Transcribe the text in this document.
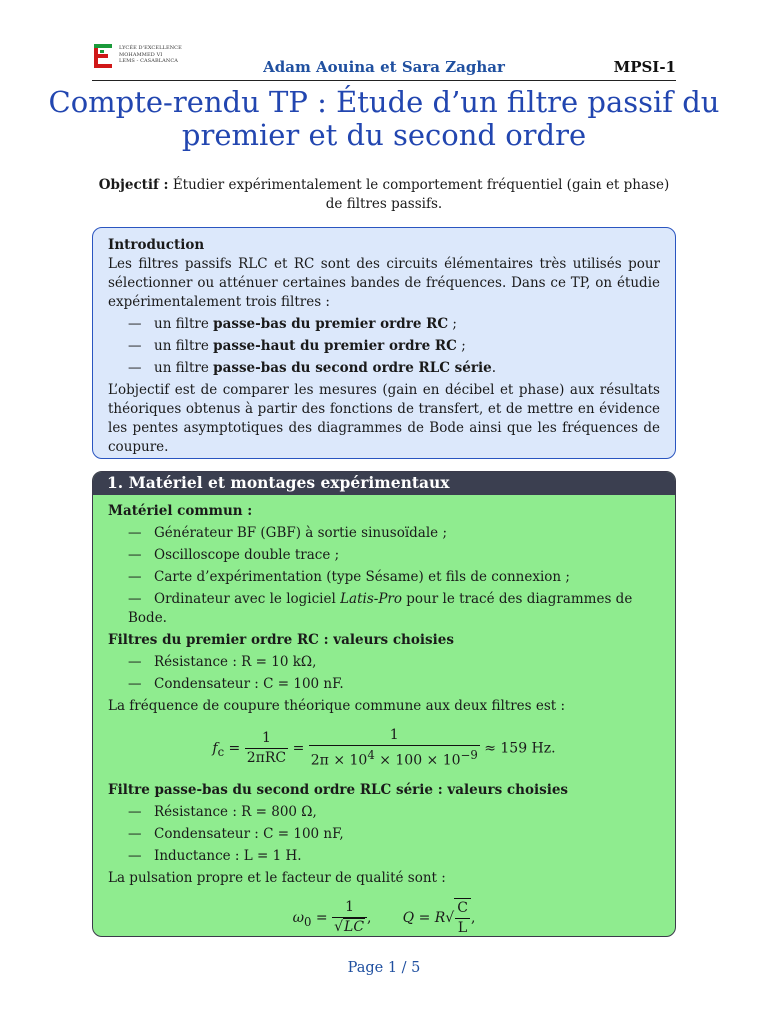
LYCÉE D'EXCELLENCE
MOHAMMED VI
LEMS - CASABLANCA	Adam Aouina et Sara Zaghar	MPSI-1
Compte-rendu TP : Étude d’un filtre passif du premier et du second ordre
Objectif : Étudier expérimentalement le comportement fréquentiel (gain et phase) de filtres passifs.
Introduction
Les filtres passifs RLC et RC sont des circuits élémentaires très utilisés pour sélectionner ou atténuer certaines bandes de fréquences. Dans ce TP, on étudie expérimentalement trois filtres :
— un filtre passe-bas du premier ordre RC ;
— un filtre passe-haut du premier ordre RC ;
— un filtre passe-bas du second ordre RLC série.
L’objectif est de comparer les mesures (gain en décibel et phase) aux résultats théoriques obtenus à partir des fonctions de transfert, et de mettre en évidence les pentes asymptotiques des diagrammes de Bode ainsi que les fréquences de coupure.
1. Matériel et montages expérimentaux
Matériel commun :
— Générateur BF (GBF) à sortie sinusoïdale ;
— Oscilloscope double trace ;
— Carte d’expérimentation (type Sésame) et fils de connexion ;
— Ordinateur avec le logiciel Latis-Pro pour le tracé des diagrammes de Bode.
Filtres du premier ordre RC : valeurs choisies
— Résistance : R = 10 kΩ,
— Condensateur : C = 100 nF.
La fréquence de coupure théorique commune aux deux filtres est :
$f_c = \frac{1}{\text{2πRC}} = \frac{1}{2\pi \times 10^4 \times 100 \times 10^{-9}} \approx 159$ Hz.
Filtre passe-bas du second ordre RLC série : valeurs choisies
— Résistance : R = 800 Ω,
— Condensateur : C = 100 nF,
— Inductance : L = 1 H.
La pulsation propre et le facteur de qualité sont :
$\omega_0 = \frac{1}{√LC}$ ,       $Q = R√ \frac{C}{L}$ ,
Page 1 / 5
